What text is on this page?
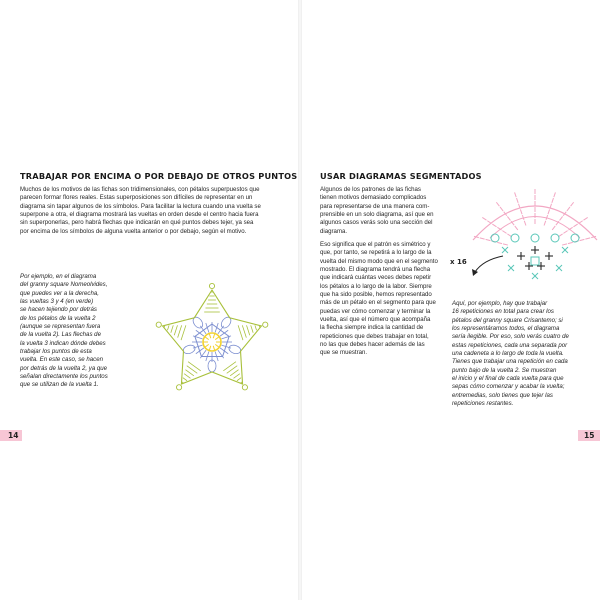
TRABAJAR POR ENCIMA O POR DEBAJO DE OTROS PUNTOS
Muchos de los motivos de las fichas son tridimensionales, con pétalos superpuestos que
parecen formar flores reales. Estas superposiciones son difíciles de representar en un
diagrama sin tapar algunos de los símbolos. Para facilitar la lectura cuando una vuelta se
superpone a otra, el diagrama mostrará las vueltas en orden desde el centro hacia fuera
sin superponerlas, pero habrá flechas que indicarán en qué puntos debes tejer, ya sea
por encima de los símbolos de alguna vuelta anterior o por debajo, según el motivo.
Por ejemplo, en el diagrama
del granny square Nomeolvides,
que puedes ver a la derecha,
las vueltas 3 y 4 (en verde)
se hacen tejiendo por detrás
de los pétalos de la vuelta 2
(aunque se representan fuera
de la vuelta 2). Las flechas de
la vuelta 3 indican dónde debes
trabajar los puntos de esta
vuelta. En este caso, se hacen
por detrás de la vuelta 2, ya que
señalan directamente los puntos
que se utilizan de la vuelta 1.
14
USAR DIAGRAMAS SEGMENTADOS
Algunos de los patrones de las fichas
tienen motivos demasiado complicados
para representarse de una manera com-
prensible en un solo diagrama, así que en
algunos casos verás solo una sección del
diagrama.
Eso significa que el patrón es simétrico y
que, por tanto, se repetirá a lo largo de la
vuelta del mismo modo que en el segmento
mostrado. El diagrama tendrá una flecha
que indicará cuántas veces debes repetir
los pétalos a lo largo de la labor. Siempre
que ha sido posible, hemos representado
más de un pétalo en el segmento para que
puedas ver cómo comenzar y terminar la
vuelta, así que el número que acompaña
la flecha siempre indica la cantidad de
repeticiones que debes trabajar en total,
no las que debes hacer además de las
que se muestran.
x 16
Aquí, por ejemplo, hay que trabajar
16 repeticiones en total para crear los
pétalos del granny square Crisantemo; si
los representáramos todos, el diagrama
sería ilegible. Por eso, solo verás cuatro de
estas repeticiones, cada una separada por
una cadeneta a lo largo de toda la vuelta.
Tienes que trabajar una repetición en cada
punto bajo de la vuelta 2. Se muestran
el inicio y el final de cada vuelta para que
sepas cómo comenzar y acabar la vuelta;
entremedias, solo tienes que tejer las
repeticiones restantes.
15
